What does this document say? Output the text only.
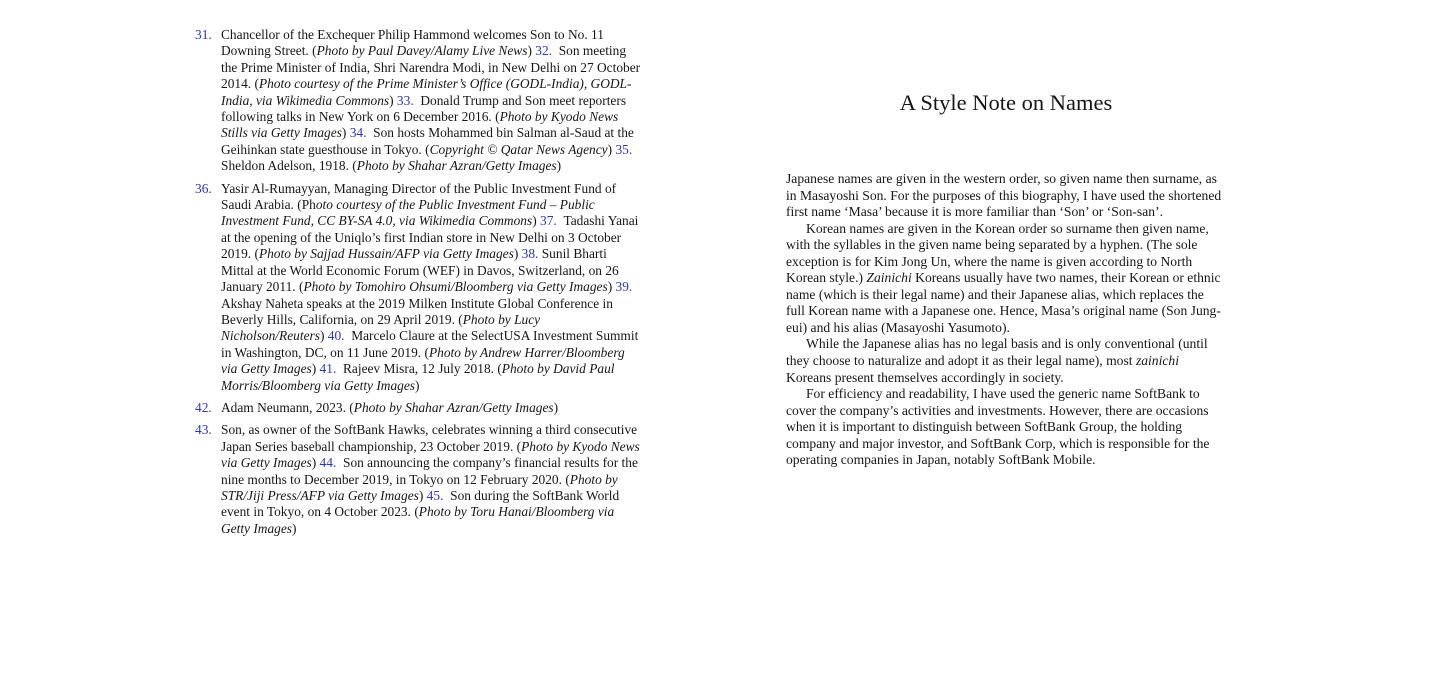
31. Chancellor of the Exchequer Philip Hammond welcomes Son to No. 11 Downing Street. (Photo by Paul Davey/Alamy Live News) 32. Son meeting the Prime Minister of India, Shri Narendra Modi, in New Delhi on 27 October 2014. (Photo courtesy of the Prime Minister’s Office (GODL-India), GODL-India, via Wikimedia Commons) 33. Donald Trump and Son meet reporters following talks in New York on 6 December 2016. (Photo by Kyodo News Stills via Getty Images) 34. Son hosts Mohammed bin Salman al-Saud at the Geihinkan state guesthouse in Tokyo. (Copyright © Qatar News Agency) 35. Sheldon Adelson, 1918. (Photo by Shahar Azran/Getty Images)
36. Yasir Al-Rumayyan, Managing Director of the Public Investment Fund of Saudi Arabia. (Photo courtesy of the Public Investment Fund – Public Investment Fund, CC BY-SA 4.0, via Wikimedia Commons) 37. Tadashi Yanai at the opening of the Uniqlo’s first Indian store in New Delhi on 3 October 2019. (Photo by Sajjad Hussain/AFP via Getty Images) 38. Sunil Bharti Mittal at the World Economic Forum (WEF) in Davos, Switzerland, on 26 January 2011. (Photo by Tomohiro Ohsumi/Bloomberg via Getty Images) 39. Akshay Naheta speaks at the 2019 Milken Institute Global Conference in Beverly Hills, California, on 29 April 2019. (Photo by Lucy Nicholson/Reuters) 40. Marcelo Claure at the SelectUSA Investment Summit in Washington, DC, on 11 June 2019. (Photo by Andrew Harrer/Bloomberg via Getty Images) 41. Rajeev Misra, 12 July 2018. (Photo by David Paul Morris/Bloomberg via Getty Images)
42. Adam Neumann, 2023. (Photo by Shahar Azran/Getty Images)
43. Son, as owner of the SoftBank Hawks, celebrates winning a third consecutive Japan Series baseball championship, 23 October 2019. (Photo by Kyodo News via Getty Images) 44. Son announcing the company’s financial results for the nine months to December 2019, in Tokyo on 12 February 2020. (Photo by STR/Jiji Press/AFP via Getty Images) 45. Son during the SoftBank World event in Tokyo, on 4 October 2023. (Photo by Toru Hanai/Bloomberg via Getty Images)
A Style Note on Names

Japanese names are given in the western order, so given name then surname, as in Masayoshi Son. For the purposes of this biography, I have used the shortened first name ‘Masa’ because it is more familiar than ‘Son’ or ‘Son-san’.

Korean names are given in the Korean order so surname then given name, with the syllables in the given name being separated by a hyphen. (The sole exception is for Kim Jong Un, where the name is given according to North Korean style.) Zainichi Koreans usually have two names, their Korean or ethnic name (which is their legal name) and their Japanese alias, which replaces the full Korean name with a Japanese one. Hence, Masa’s original name (Son Jung-eui) and his alias (Masayoshi Yasumoto).

While the Japanese alias has no legal basis and is only conventional (until they choose to naturalize and adopt it as their legal name), most zainichi Koreans present themselves accordingly in society.

For efficiency and readability, I have used the generic name SoftBank to cover the company’s activities and investments. However, there are occasions when it is important to distinguish between SoftBank Group, the holding company and major investor, and SoftBank Corp, which is responsible for the operating companies in Japan, notably SoftBank Mobile.
